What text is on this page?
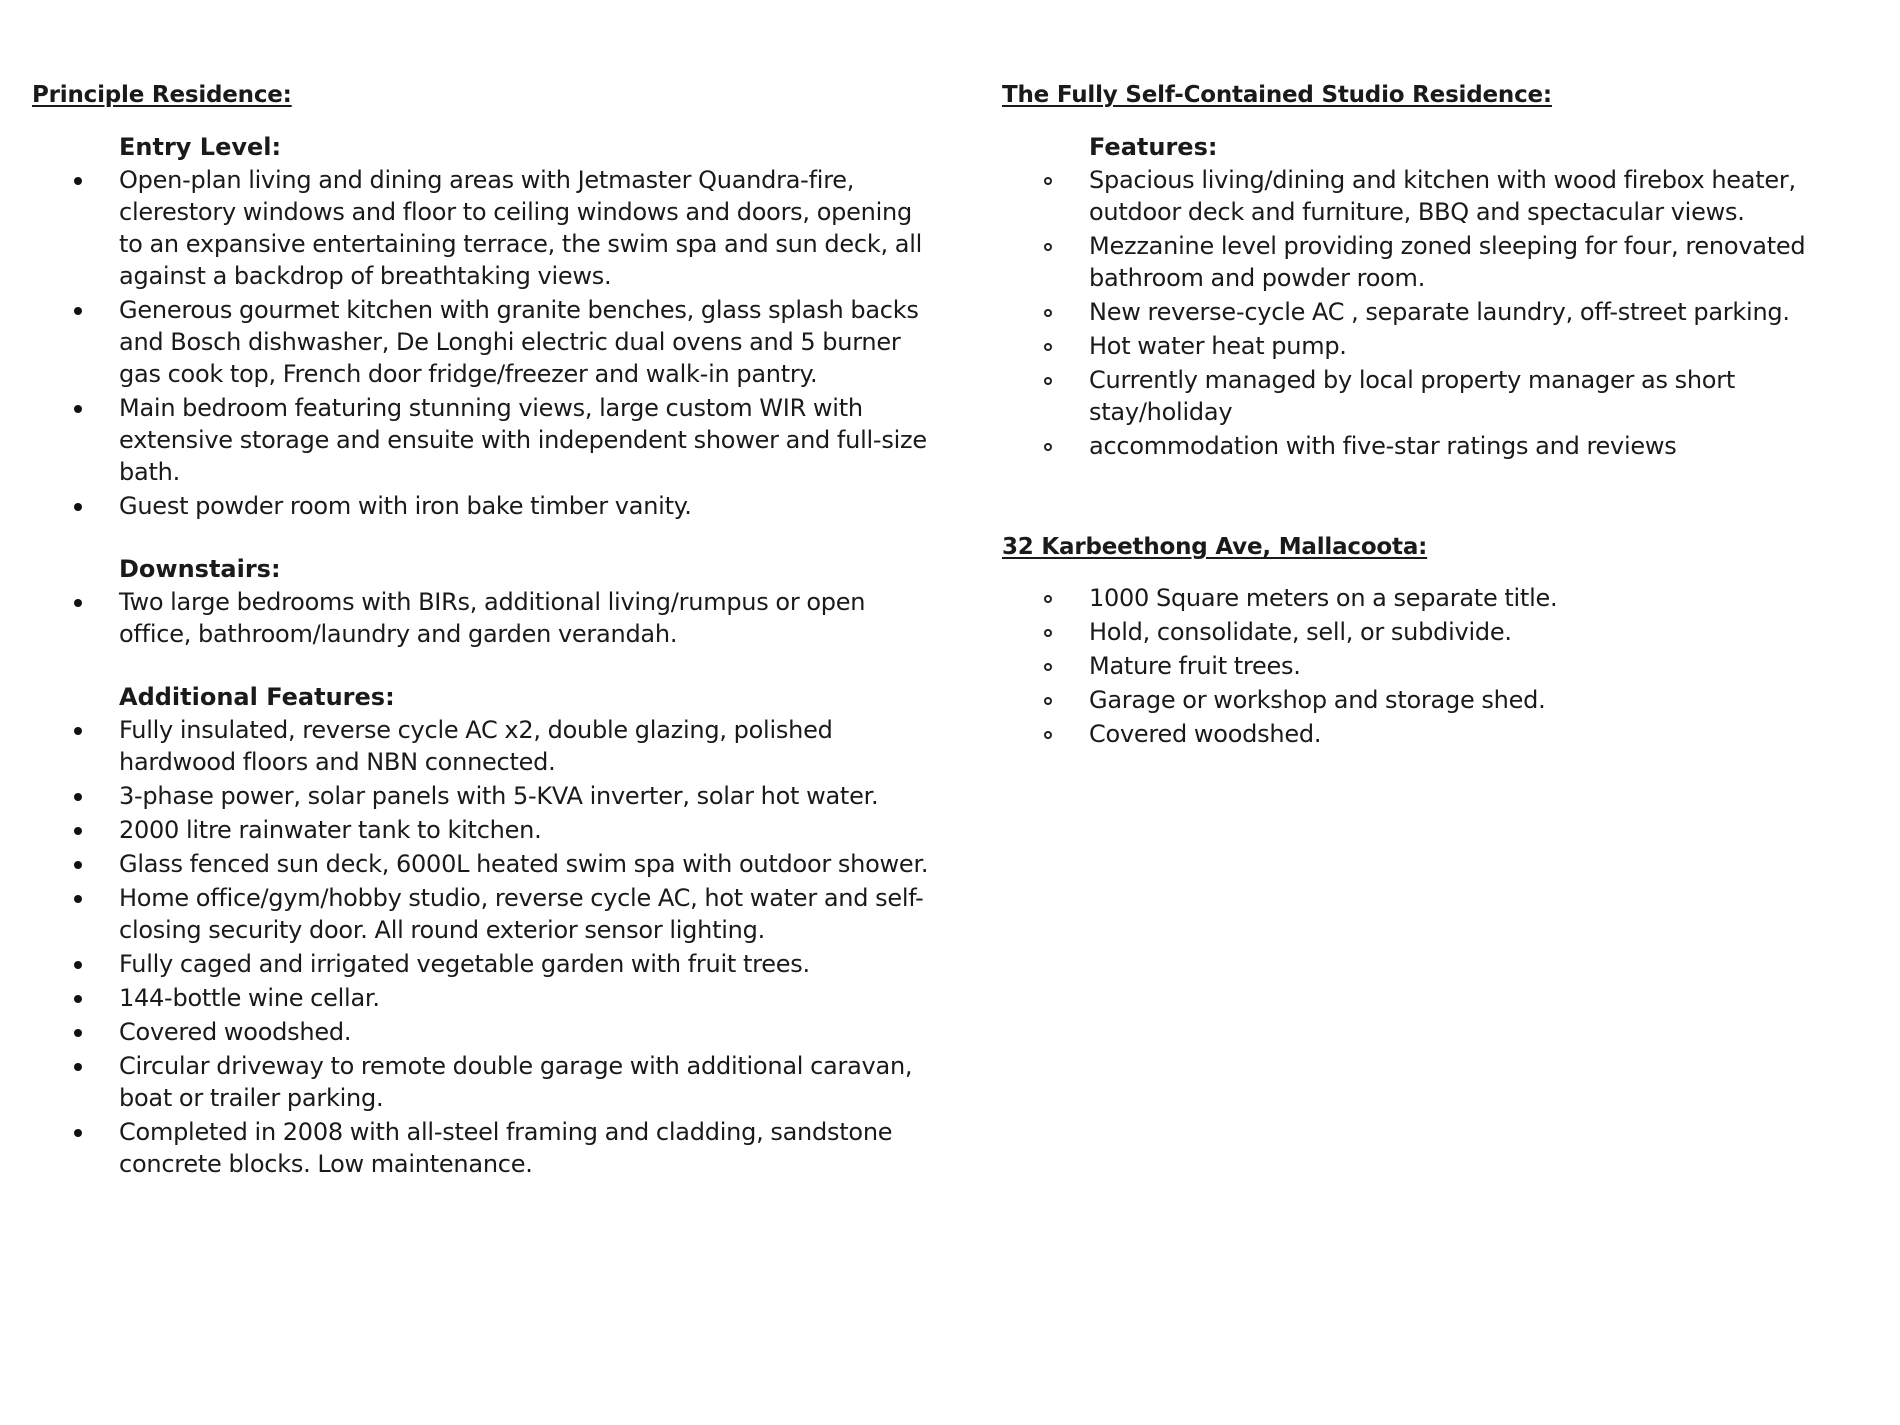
Principle Residence:
Entry Level:
Open-plan living and dining areas with Jetmaster Quandra-fire, clerestory windows and floor to ceiling windows and doors, opening to an expansive entertaining terrace, the swim spa and sun deck, all against a backdrop of breathtaking views.
Generous gourmet kitchen with granite benches, glass splash backs and Bosch dishwasher, De Longhi electric dual ovens and 5 burner gas cook top, French door fridge/freezer and walk-in pantry.
Main bedroom featuring stunning views, large custom WIR with extensive storage and ensuite with independent shower and full-size bath.
Guest powder room with iron bake timber vanity.
Downstairs:
Two large bedrooms with BIRs, additional living/rumpus or open office, bathroom/laundry and garden verandah.
Additional Features:
Fully insulated, reverse cycle AC x2, double glazing, polished hardwood floors and NBN connected.
3-phase power, solar panels with 5-KVA inverter, solar hot water.
2000 litre rainwater tank to kitchen.
Glass fenced sun deck, 6000L heated swim spa with outdoor shower.
Home office/gym/hobby studio, reverse cycle AC, hot water and self-closing security door. All round exterior sensor lighting.
Fully caged and irrigated vegetable garden with fruit trees.
144-bottle wine cellar.
Covered woodshed.
Circular driveway to remote double garage with additional caravan, boat or trailer parking.
Completed in 2008 with all-steel framing and cladding, sandstone concrete blocks. Low maintenance.
The Fully Self-Contained Studio Residence:
Features:
Spacious living/dining and kitchen with wood firebox heater, outdoor deck and furniture, BBQ and spectacular views.
Mezzanine level providing zoned sleeping for four, renovated bathroom and powder room.
New reverse-cycle AC , separate laundry, off-street parking.
Hot water heat pump.
Currently managed by local property manager as short stay/holiday
accommodation with five-star ratings and reviews
32 Karbeethong Ave, Mallacoota:
1000 Square meters on a separate title.
Hold, consolidate, sell, or subdivide.
Mature fruit trees.
Garage or workshop and storage shed.
Covered woodshed.
